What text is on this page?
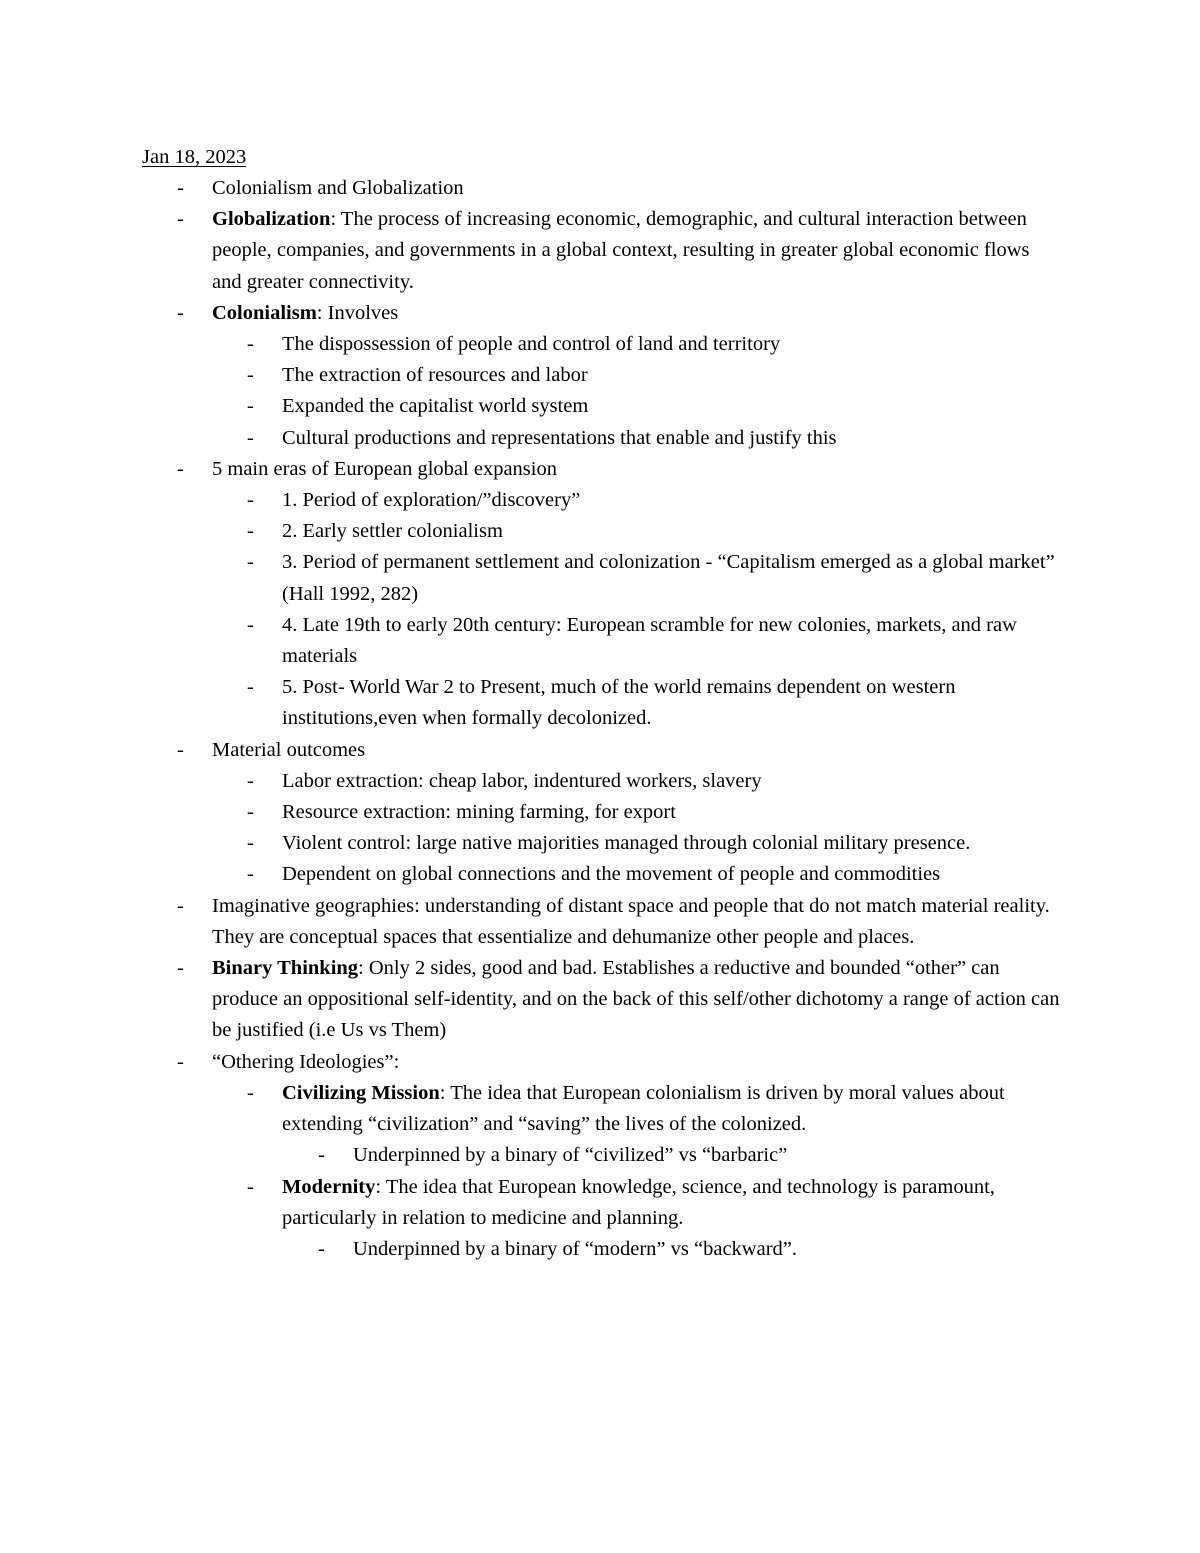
Jan 18, 2023
- Colonialism and Globalization
- Globalization: The process of increasing economic, demographic, and cultural interaction between people, companies, and governments in a global context, resulting in greater global economic flows and greater connectivity.
- Colonialism: Involves
- The dispossession of people and control of land and territory
- The extraction of resources and labor
- Expanded the capitalist world system
- Cultural productions and representations that enable and justify this
- 5 main eras of European global expansion
- 1. Period of exploration/”discovery”
- 2. Early settler colonialism
- 3. Period of permanent settlement and colonization - “Capitalism emerged as a global market” (Hall 1992, 282)
- 4. Late 19th to early 20th century: European scramble for new colonies, markets, and raw materials
- 5. Post- World War 2 to Present, much of the world remains dependent on western institutions,even when formally decolonized.
- Material outcomes
- Labor extraction: cheap labor, indentured workers, slavery
- Resource extraction: mining farming, for export
- Violent control: large native majorities managed through colonial military presence.
- Dependent on global connections and the movement of people and commodities
- Imaginative geographies: understanding of distant space and people that do not match material reality. They are conceptual spaces that essentialize and dehumanize other people and places.
- Binary Thinking: Only 2 sides, good and bad. Establishes a reductive and bounded “other” can produce an oppositional self-identity, and on the back of this self/other dichotomy a range of action can be justified (i.e Us vs Them)
- “Othering Ideologies”:
- Civilizing Mission: The idea that European colonialism is driven by moral values about extending “civilization” and “saving” the lives of the colonized.
- Underpinned by a binary of “civilized” vs “barbaric”
- Modernity: The idea that European knowledge, science, and technology is paramount, particularly in relation to medicine and planning.
- Underpinned by a binary of “modern” vs “backward”.
